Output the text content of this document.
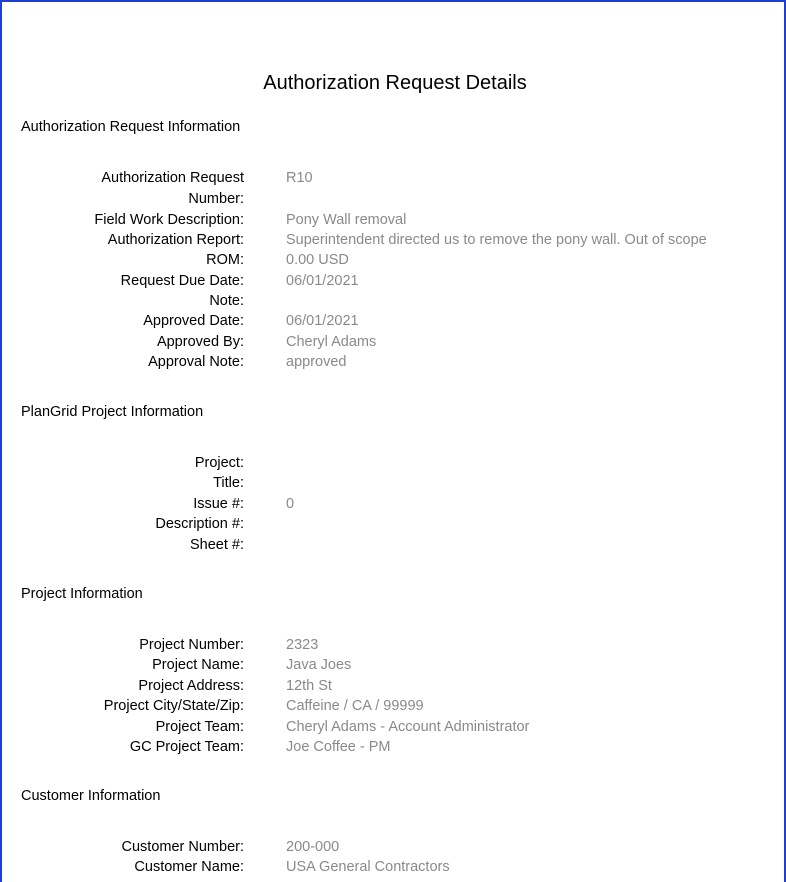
Authorization Request Details
Authorization Request Information
Authorization Request	R10
Number:
Field Work Description:	Pony Wall removal
Authorization Report:	Superintendent directed us to remove the pony wall. Out of scope
ROM:	0.00 USD
Request Due Date:	06/01/2021
Note:
Approved Date:	06/01/2021
Approved By:	Cheryl Adams
Approval Note:	approved
PlanGrid Project Information
Project:
Title:
Issue #:	0
Description #:
Sheet #:
Project Information
Project Number:	2323
Project Name:	Java Joes
Project Address:	12th St
Project City/State/Zip:	Caffeine / CA / 99999
Project Team:	Cheryl Adams - Account Administrator
GC Project Team:	Joe Coffee - PM
Customer Information
Customer Number:	200-000
Customer Name:	USA General Contractors
